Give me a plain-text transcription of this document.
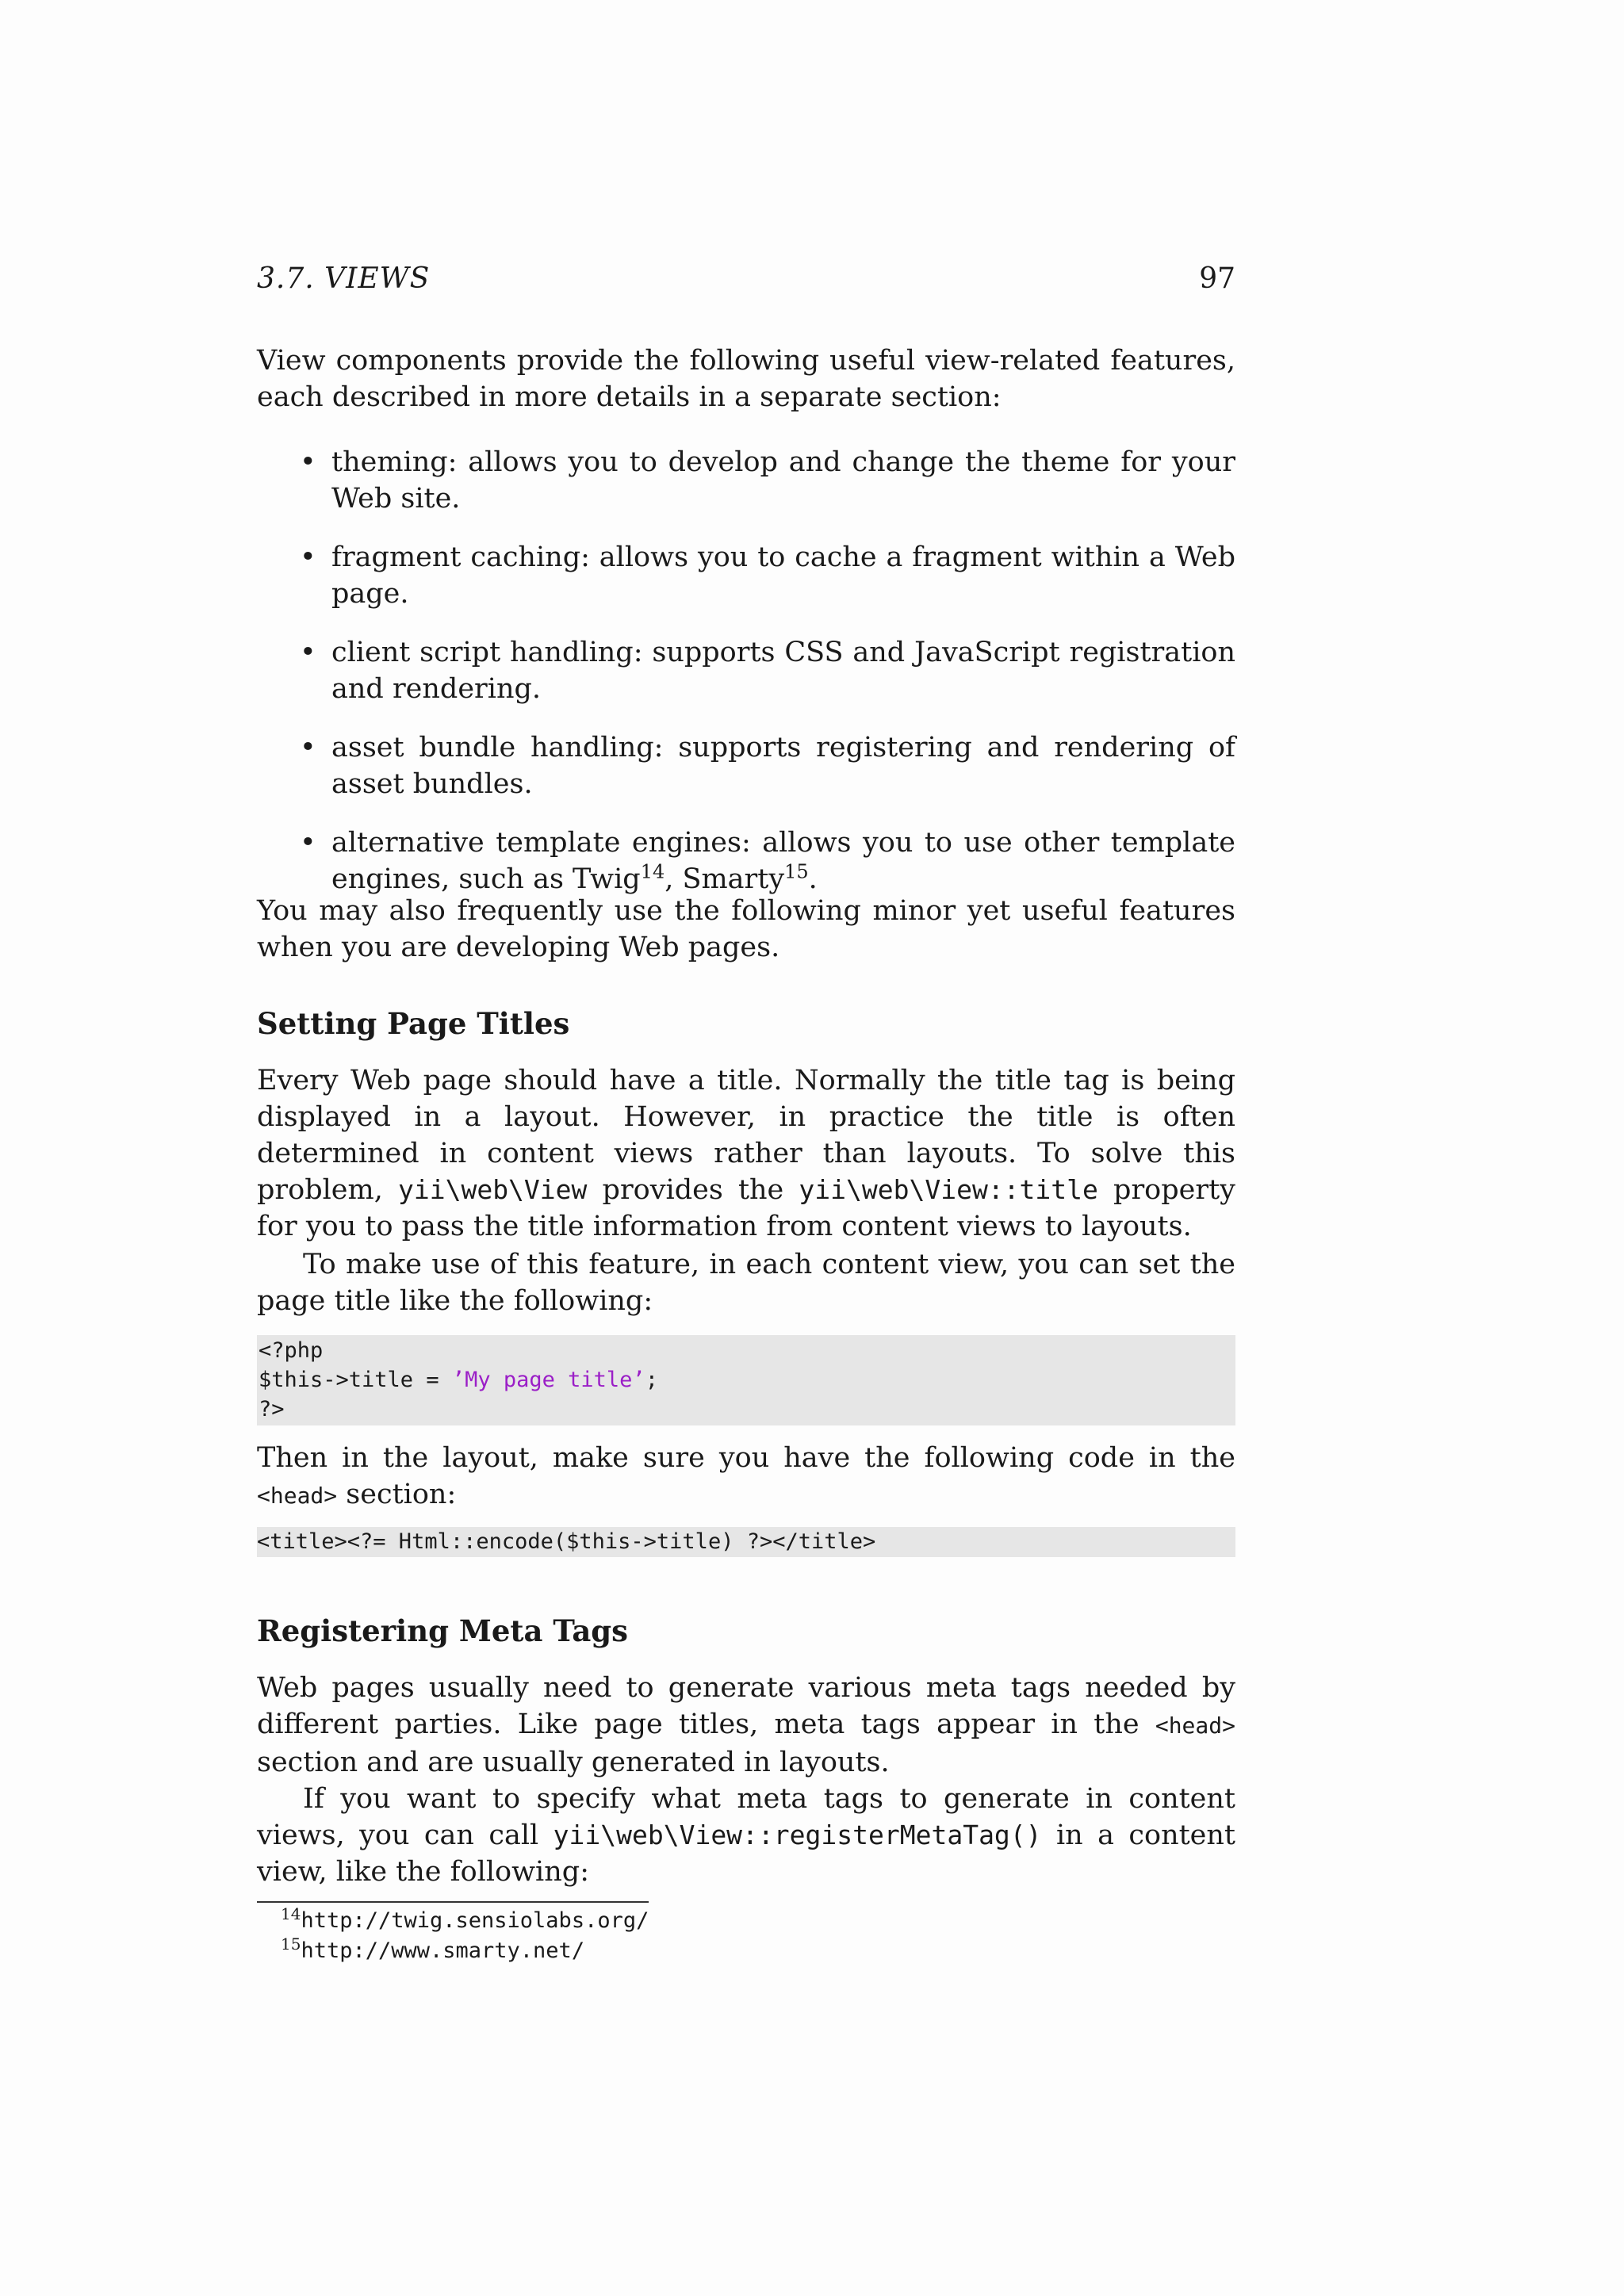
3.7. VIEWS	97

View components provide the following useful view-related features, each described in more details in a separate section:

• theming: allows you to develop and change the theme for your Web site.
• fragment caching: allows you to cache a fragment within a Web page.
• client script handling: supports CSS and JavaScript registration and rendering.
• asset bundle handling: supports registering and rendering of asset bundles.
• alternative template engines: allows you to use other template engines, such as Twig$^{14}$, Smarty$^{15}$.

You may also frequently use the following minor yet useful features when you are developing Web pages.

Setting Page Titles

Every Web page should have a title. Normally the title tag is being displayed in a layout. However, in practice the title is often determined in content views rather than layouts. To solve this problem, yii\web\View provides the yii\web\View::title property for you to pass the title information from content views to layouts.

To make use of this feature, in each content view, you can set the page title like the following:

<?php
$this->title = ’My page title’;
?>

Then in the layout, make sure you have the following code in the <head> section:

<title><?= Html::encode($this->title) ?></title>
Registering Meta Tags

Web pages usually need to generate various meta tags needed by different parties. Like page titles, meta tags appear in the <head> section and are usually generated in layouts.

If you want to specify what meta tags to generate in content views, you can call yii\web\View::registerMetaTag() in a content view, like the following:

$^{14}$http://twig.sensiolabs.org/
$^{15}$http://www.smarty.net/
